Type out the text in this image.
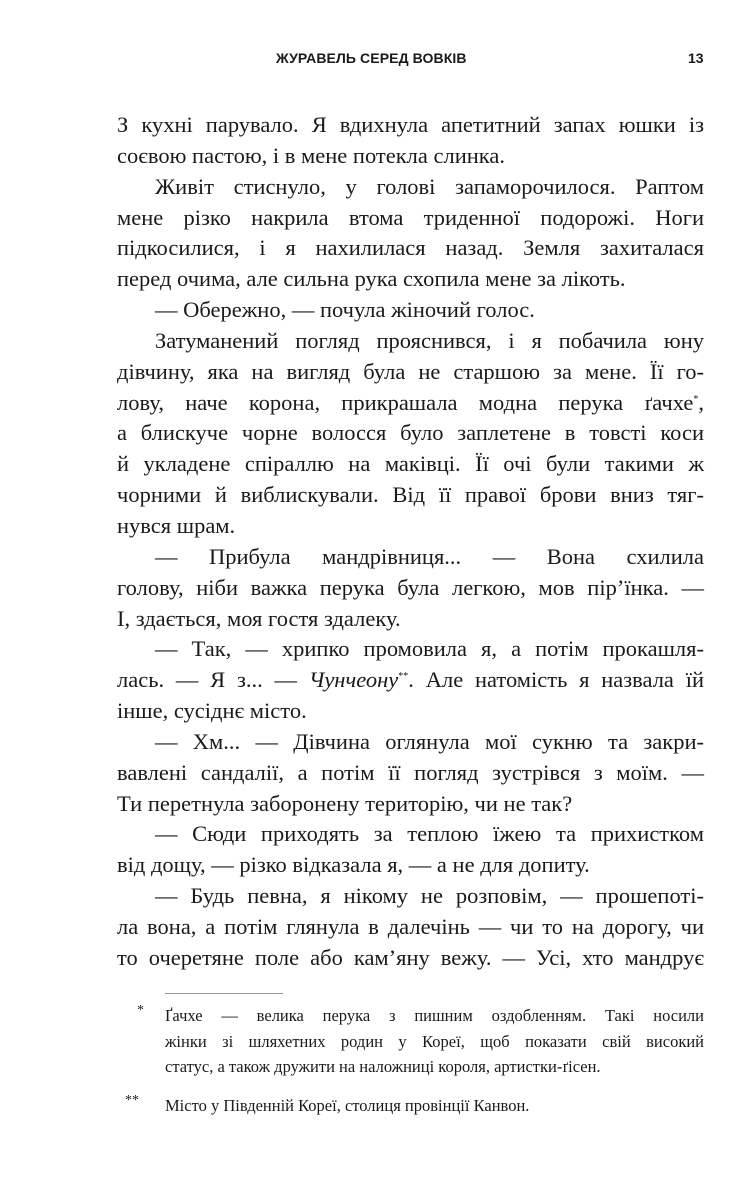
ЖУРАВЕЛЬ СЕРЕД ВОВКІВ	13
З кухні парувало. Я вдихнула апетитний запах юшки із
соєвою пастою, і в мене потекла слинка.
Живіт стиснуло, у голові запаморочилося. Раптом
мене різко накрила втома триденної подорожі. Ноги
підкосилися, і я нахилилася назад. Земля захиталася
перед очима, але сильна рука схопила мене за лікоть.
— Обережно, — почула жіночий голос.
Затуманений погляд прояснився, і я побачила юну
дівчину, яка на вигляд була не старшою за мене. Її го-
лову, наче корона, прикрашала модна перука ґачхе*,
а блискуче чорне волосся було заплетене в товсті коси
й укладене спіраллю на маківці. Її очі були такими ж
чорними й виблискували. Від її правої брови вниз тяг-
нувся шрам.
— Прибула мандрівниця... — Вона схилила
голову, ніби важка перука була легкою, мов пір’їнка. —
І, здається, моя гостя здалеку.
— Так, — хрипко промовила я, а потім прокашля-
лась. — Я з... — Чунчеону**. Але натомість я назвала їй
інше, сусіднє місто.
— Хм... — Дівчина оглянула мої сукню та закри-
вавлені сандалії, а потім її погляд зустрівся з моїм. —
Ти перетнула заборонену територію, чи не так?
— Сюди приходять за теплою їжею та прихистком
від дощу, — різко відказала я, — а не для допиту.
— Будь певна, я нікому не розповім, — прошепоті-
ла вона, а потім глянула в далечінь — чи то на дорогу, чи
то очеретяне поле або кам’яну вежу. — Усі, хто мандрує
* Ґачхе — велика перука з пишним оздобленням. Такі носили
жінки зі шляхетних родин у Кореї, щоб показати свій високий
статус, а також дружити на наложниці короля, артистки-ґісен.
** Місто у Південній Кореї, столиця провінції Канвон.
